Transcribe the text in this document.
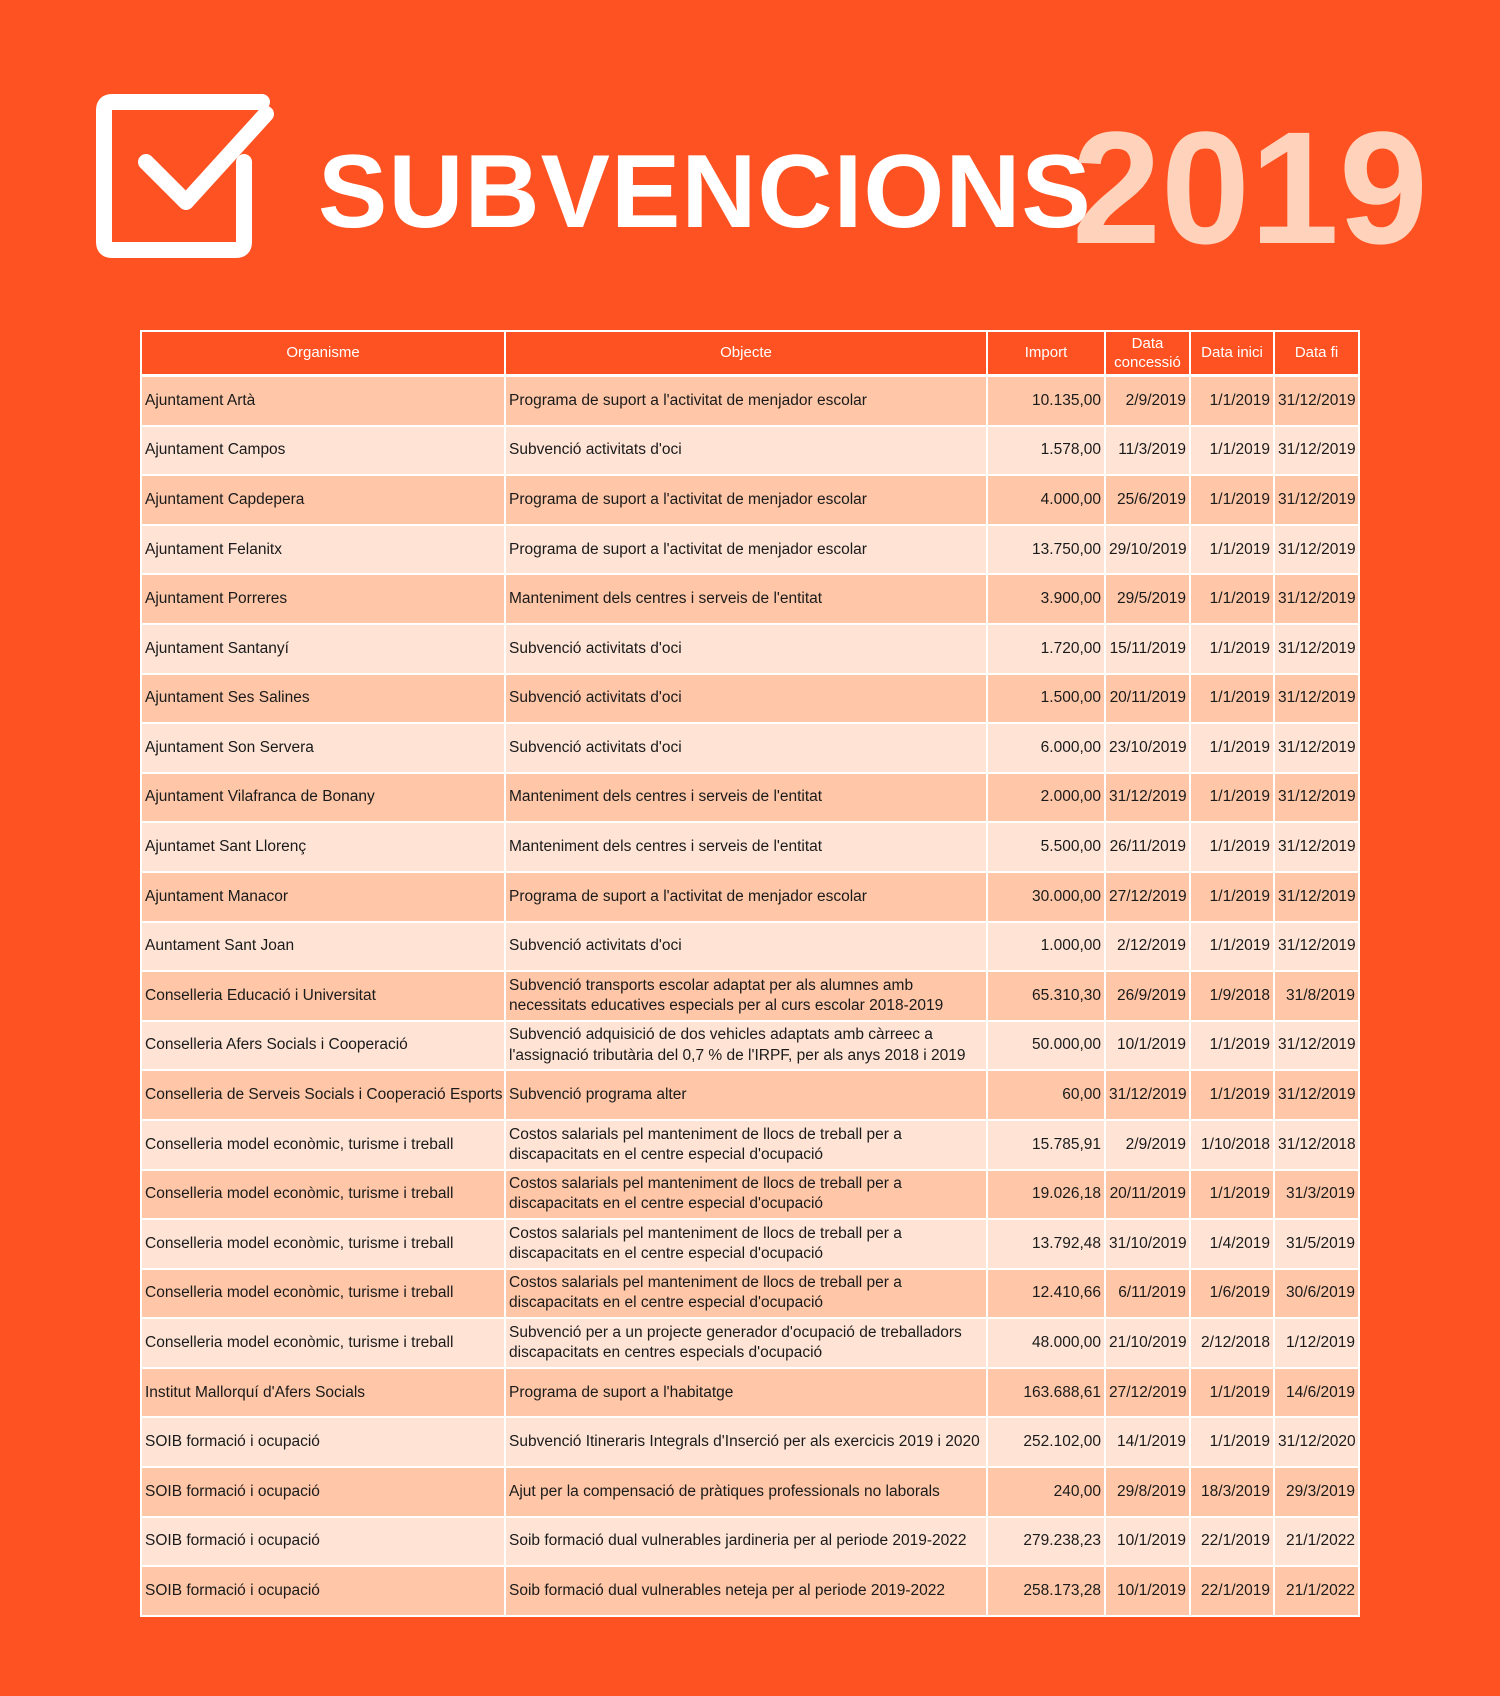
SUBVENCIONS
2019
Organisme	Objecte	Import	Data concessió	Data inici	Data fi
Ajuntament Artà	Programa de suport a l'activitat de menjador escolar	10.135,00	2/9/2019	1/1/2019	31/12/2019
Ajuntament Campos	Subvenció activitats d'oci	1.578,00	11/3/2019	1/1/2019	31/12/2019
Ajuntament Capdepera	Programa de suport a l'activitat de menjador escolar	4.000,00	25/6/2019	1/1/2019	31/12/2019
Ajuntament Felanitx	Programa de suport a l'activitat de menjador escolar	13.750,00	29/10/2019	1/1/2019	31/12/2019
Ajuntament Porreres	Manteniment dels centres i serveis de l'entitat	3.900,00	29/5/2019	1/1/2019	31/12/2019
Ajuntament Santanyí	Subvenció activitats d'oci	1.720,00	15/11/2019	1/1/2019	31/12/2019
Ajuntament Ses Salines	Subvenció activitats d'oci	1.500,00	20/11/2019	1/1/2019	31/12/2019
Ajuntament Son Servera	Subvenció activitats d'oci	6.000,00	23/10/2019	1/1/2019	31/12/2019
Ajuntament Vilafranca de Bonany	Manteniment dels centres i serveis de l'entitat	2.000,00	31/12/2019	1/1/2019	31/12/2019
Ajuntamet Sant Llorenç	Manteniment dels centres i serveis de l'entitat	5.500,00	26/11/2019	1/1/2019	31/12/2019
Ajuntament Manacor	Programa de suport a l'activitat de menjador escolar	30.000,00	27/12/2019	1/1/2019	31/12/2019
Auntament Sant Joan	Subvenció activitats d'oci	1.000,00	2/12/2019	1/1/2019	31/12/2019
Conselleria Educació i Universitat	Subvenció transports escolar adaptat per als alumnes amb necessitats educatives especials per al curs escolar 2018-2019	65.310,30	26/9/2019	1/9/2018	31/8/2019
Conselleria Afers Socials i Cooperació	Subvenció adquisició de dos vehicles adaptats amb càrreec a l'assignació tributària del 0,7 % de l'IRPF, per als anys 2018 i 2019	50.000,00	10/1/2019	1/1/2019	31/12/2019
Conselleria de Serveis Socials i Cooperació Esports	Subvenció programa alter	60,00	31/12/2019	1/1/2019	31/12/2019
Conselleria model econòmic, turisme i treball	Costos salarials pel manteniment de llocs de treball per a discapacitats en el centre especial d'ocupació	15.785,91	2/9/2019	1/10/2018	31/12/2018
Conselleria model econòmic, turisme i treball	Costos salarials pel manteniment de llocs de treball per a discapacitats en el centre especial d'ocupació	19.026,18	20/11/2019	1/1/2019	31/3/2019
Conselleria model econòmic, turisme i treball	Costos salarials pel manteniment de llocs de treball per a discapacitats en el centre especial d'ocupació	13.792,48	31/10/2019	1/4/2019	31/5/2019
Conselleria model econòmic, turisme i treball	Costos salarials pel manteniment de llocs de treball per a discapacitats en el centre especial d'ocupació	12.410,66	6/11/2019	1/6/2019	30/6/2019
Conselleria model econòmic, turisme i treball	Subvenció per a un projecte generador d'ocupació de treballadors discapacitats en centres especials d'ocupació	48.000,00	21/10/2019	2/12/2018	1/12/2019
Institut Mallorquí d'Afers Socials	Programa de suport a l'habitatge	163.688,61	27/12/2019	1/1/2019	14/6/2019
SOIB formació i ocupació	Subvenció Itineraris Integrals d'Inserció per als exercicis 2019 i 2020	252.102,00	14/1/2019	1/1/2019	31/12/2020
SOIB formació i ocupació	Ajut per la compensació de pràtiques professionals no laborals	240,00	29/8/2019	18/3/2019	29/3/2019
SOIB formació i ocupació	Soib formació dual vulnerables jardineria per al periode 2019-2022	279.238,23	10/1/2019	22/1/2019	21/1/2022
SOIB formació i ocupació	Soib formació dual vulnerables neteja per al periode 2019-2022	258.173,28	10/1/2019	22/1/2019	21/1/2022
